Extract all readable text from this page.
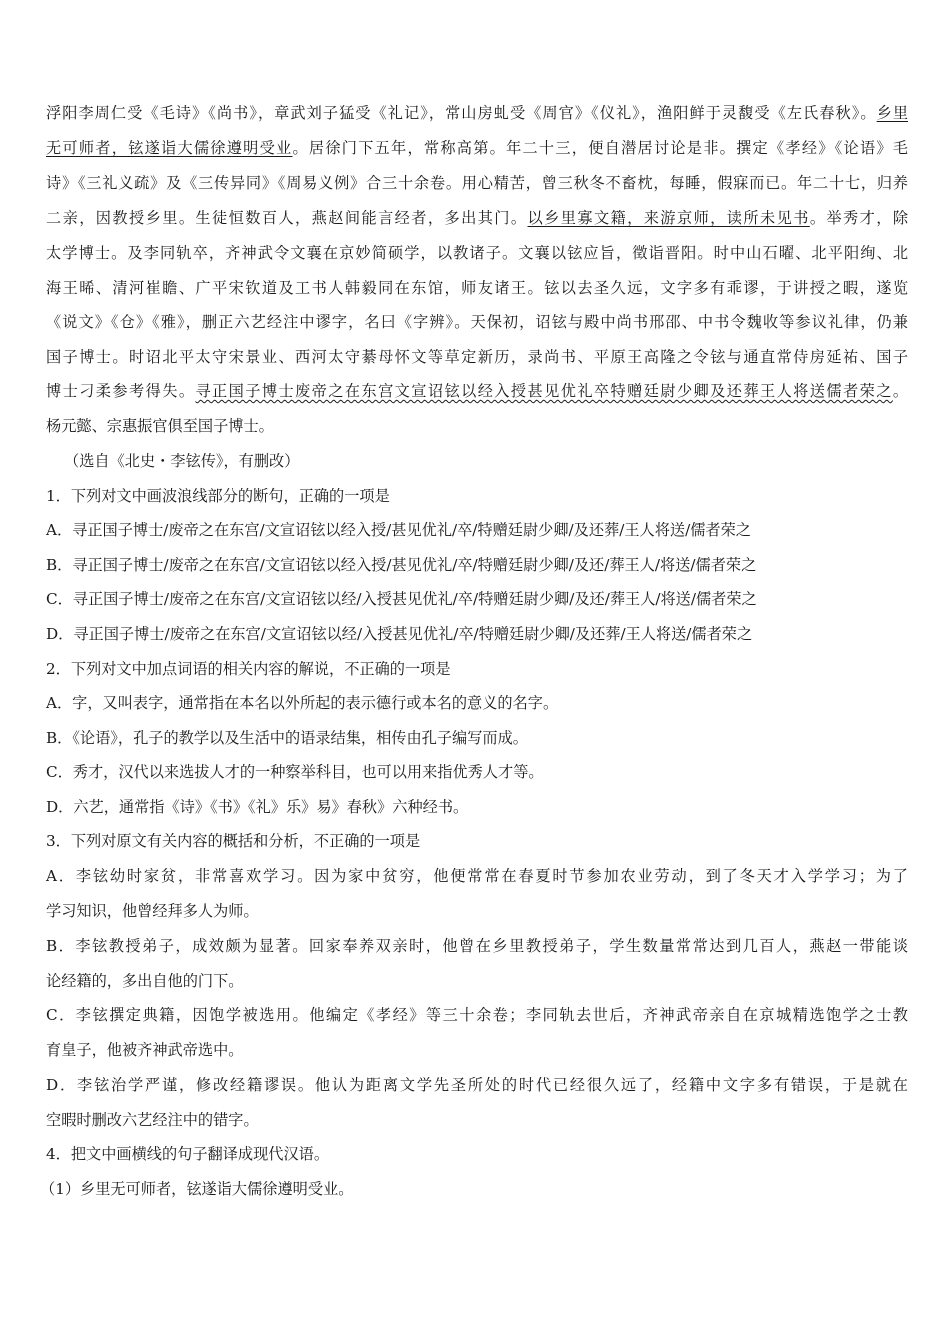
浮阳李周仁受《毛诗》《尚书》，章武刘子猛受《礼记》，常山房虬受《周官》《仪礼》，渔阳鲜于灵馥受《左氏春秋》。乡里
无可师者，铉遂诣大儒徐遵明受业。居徐门下五年，常称高第。年二十三，便自潜居讨论是非。撰定《孝经》《论语》毛
诗》《三礼义疏》及《三传异同》《周易义例》合三十余卷。用心精苦，曾三秋冬不畜枕，每睡，假寐而已。年二十七，归养
二亲，因教授乡里。生徒恒数百人，燕赵间能言经者，多出其门。以乡里寡文籍，来游京师，读所未见书。举秀才，除
太学博士。及李同轨卒，齐神武令文襄在京妙简硕学，以教诸子。文襄以铉应旨，徵诣晋阳。时中山石曜、北平阳绚、北
海王晞、清河崔瞻、广平宋钦道及工书人韩毅同在东馆，师友诸王。铉以去圣久远，文字多有乖谬，于讲授之暇，遂览
《说文》《仓》《雅》，删正六艺经注中谬字，名曰《字辨》。天保初，诏铉与殿中尚书邢邵、中书令魏收等参议礼律，仍兼
国子博士。时诏北平太守宋景业、西河太守綦母怀文等草定新历，录尚书、平原王高隆之令铉与通直常侍房延祐、国子
博士刁柔参考得失。寻正国子博士废帝之在东宫文宣诏铉以经入授甚见优礼卒特赠廷尉少卿及还葬王人将送儒者荣之。
杨元懿、宗惠振官俱至国子博士。
（选自《北史・李铉传》，有删改）
1．下列对文中画波浪线部分的断句，正确的一项是
A．寻正国子博士/废帝之在东宫/文宣诏铉以经入授/甚见优礼/卒/特赠廷尉少卿/及还葬/王人将送/儒者荣之
B．寻正国子博士/废帝之在东宫/文宣诏铉以经入授/甚见优礼/卒/特赠廷尉少卿/及还/葬王人/将送/儒者荣之
C．寻正国子博士/废帝之在东宫/文宣诏铉以经/入授甚见优礼/卒/特赠廷尉少卿/及还/葬王人/将送/儒者荣之
D．寻正国子博士/废帝之在东宫/文宣诏铉以经/入授甚见优礼/卒/特赠廷尉少卿/及还葬/王人将送/儒者荣之
2．下列对文中加点词语的相关内容的解说，不正确的一项是
A．字，又叫表字，通常指在本名以外所起的表示德行或本名的意义的名字。
B．《论语》，孔子的教学以及生活中的语录结集，相传由孔子编写而成。
C．秀才，汉代以来选拔人才的一种察举科目，也可以用来指优秀人才等。
D．六艺，通常指《诗》《书》《礼》乐》易》春秋》六种经书。
3．下列对原文有关内容的概括和分析，不正确的一项是
A．李铉幼时家贫，非常喜欢学习。因为家中贫穷，他便常常在春夏时节参加农业劳动，到了冬天才入学学习；为了
学习知识，他曾经拜多人为师。
B．李铉教授弟子，成效颇为显著。回家奉养双亲时，他曾在乡里教授弟子，学生数量常常达到几百人，燕赵一带能谈
论经籍的，多出自他的门下。
C．李铉撰定典籍，因饱学被选用。他编定《孝经》等三十余卷；李同轨去世后，齐神武帝亲自在京城精选饱学之士教
育皇子，他被齐神武帝选中。
D．李铉治学严谨，修改经籍谬误。他认为距离文学先圣所处的时代已经很久远了，经籍中文字多有错误，于是就在
空暇时删改六艺经注中的错字。
4．把文中画横线的句子翻译成现代汉语。
（1）乡里无可师者，铉遂诣大儒徐遵明受业。
